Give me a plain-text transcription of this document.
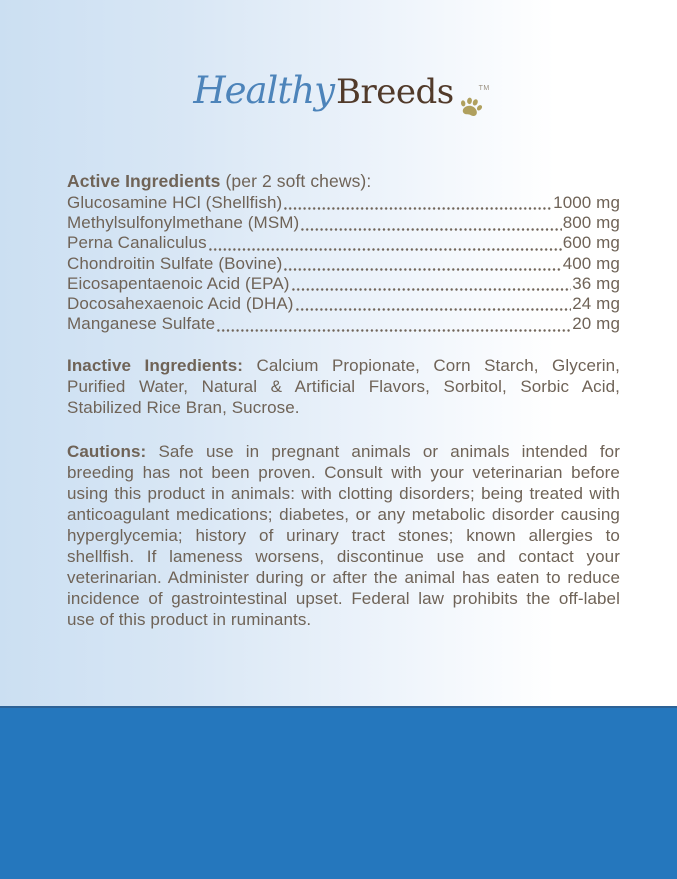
Healthy Breeds	TM
Active Ingredients (per 2 soft chews):
Glucosamine HCl (Shellfish)	1000 mg
Methylsulfonylmethane (MSM)	800 mg
Perna Canaliculus	600 mg
Chondroitin Sulfate (Bovine)	400 mg
Eicosapentaenoic Acid (EPA)	36 mg
Docosahexaenoic Acid (DHA)	24 mg
Manganese Sulfate	20 mg
Inactive Ingredients: Calcium Propionate, Corn Starch, Glycerin, Purified Water, Natural & Artificial Flavors, Sorbitol, Sorbic Acid, Stabilized Rice Bran, Sucrose.
Cautions: Safe use in pregnant animals or animals intended for breeding has not been proven. Consult with your veterinarian before using this product in animals: with clotting disorders; being treated with anticoagulant medications; diabetes, or any metabolic disorder causing hyperglycemia; history of urinary tract stones; known allergies to shellfish. If lameness worsens, discontinue use and contact your veterinarian. Administer during or after the animal has eaten to reduce incidence of gastrointestinal upset. Federal law prohibits the off-label use of this product in ruminants.
